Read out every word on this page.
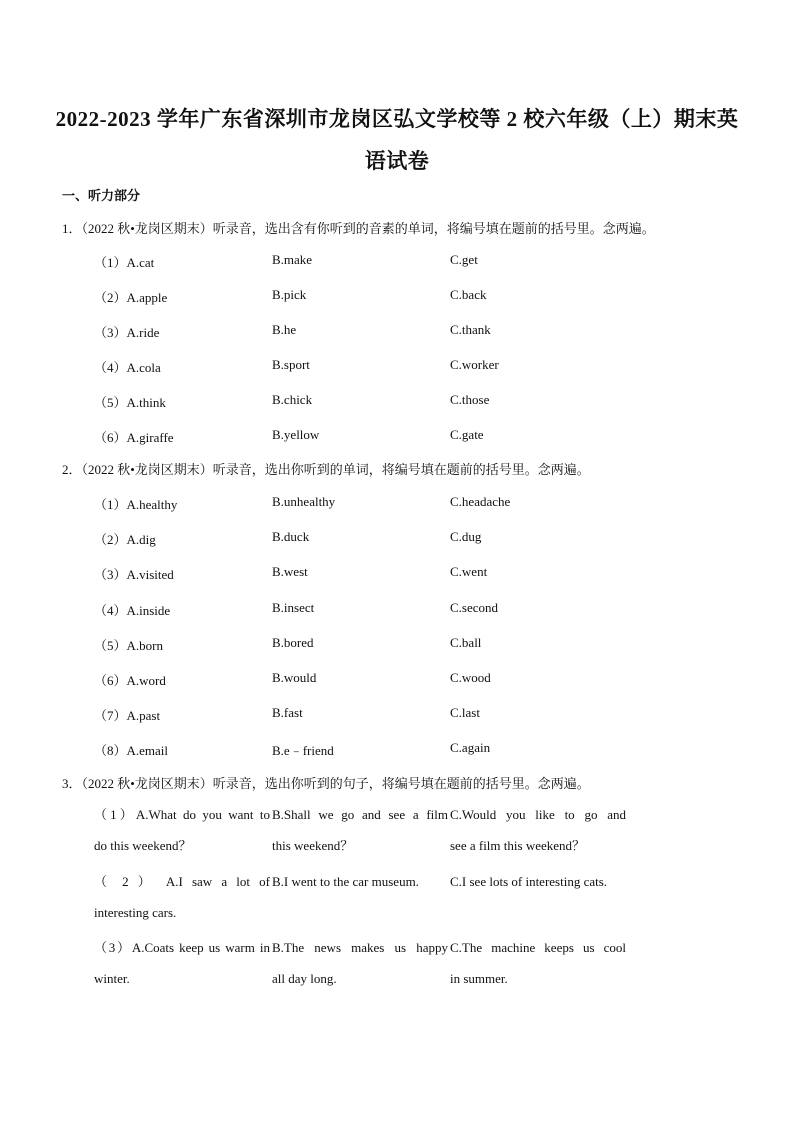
2022-2023 学年广东省深圳市龙岗区弘文学校等 2 校六年级（上）期末英
语试卷
一、听力部分
1．（2022 秋•龙岗区期末）听录音，选出含有你听到的音素的单词，将编号填在题前的括号里。念两遍。
（1）A.cat	B.make	C.get
（2）A.apple	B.pick	C.back
（3）A.ride	B.he	C.thank
（4）A.cola	B.sport	C.worker
（5）A.think	B.chick	C.those
（6）A.giraffe	B.yellow	C.gate
2．（2022 秋•龙岗区期末）听录音，选出你听到的单词，将编号填在题前的括号里。念两遍。
（1）A.healthy	B.unhealthy	C.headache
（2）A.dig	B.duck	C.dug
（3）A.visited	B.west	C.went
（4）A.inside	B.insect	C.second
（5）A.born	B.bored	C.ball
（6）A.word	B.would	C.wood
（7）A.past	B.fast	C.last
（8）A.email	B.e﹣friend	C.again
3．（2022 秋•龙岗区期末）听录音，选出你听到的句子，将编号填在题前的括号里。念两遍。
（1）A.What do you want to
do this weekend？
B.Shall we go and see a film
this weekend？
C.Would you like to go and
see a film this weekend？
（ 2 ） A.I saw a lot of
interesting cars.
B.I went to the car museum.	C.I see lots of interesting cats.
（3）A.Coats keep us warm in
winter.
B.The news makes us happy
all day long.
C.The machine keeps us cool
in summer.
